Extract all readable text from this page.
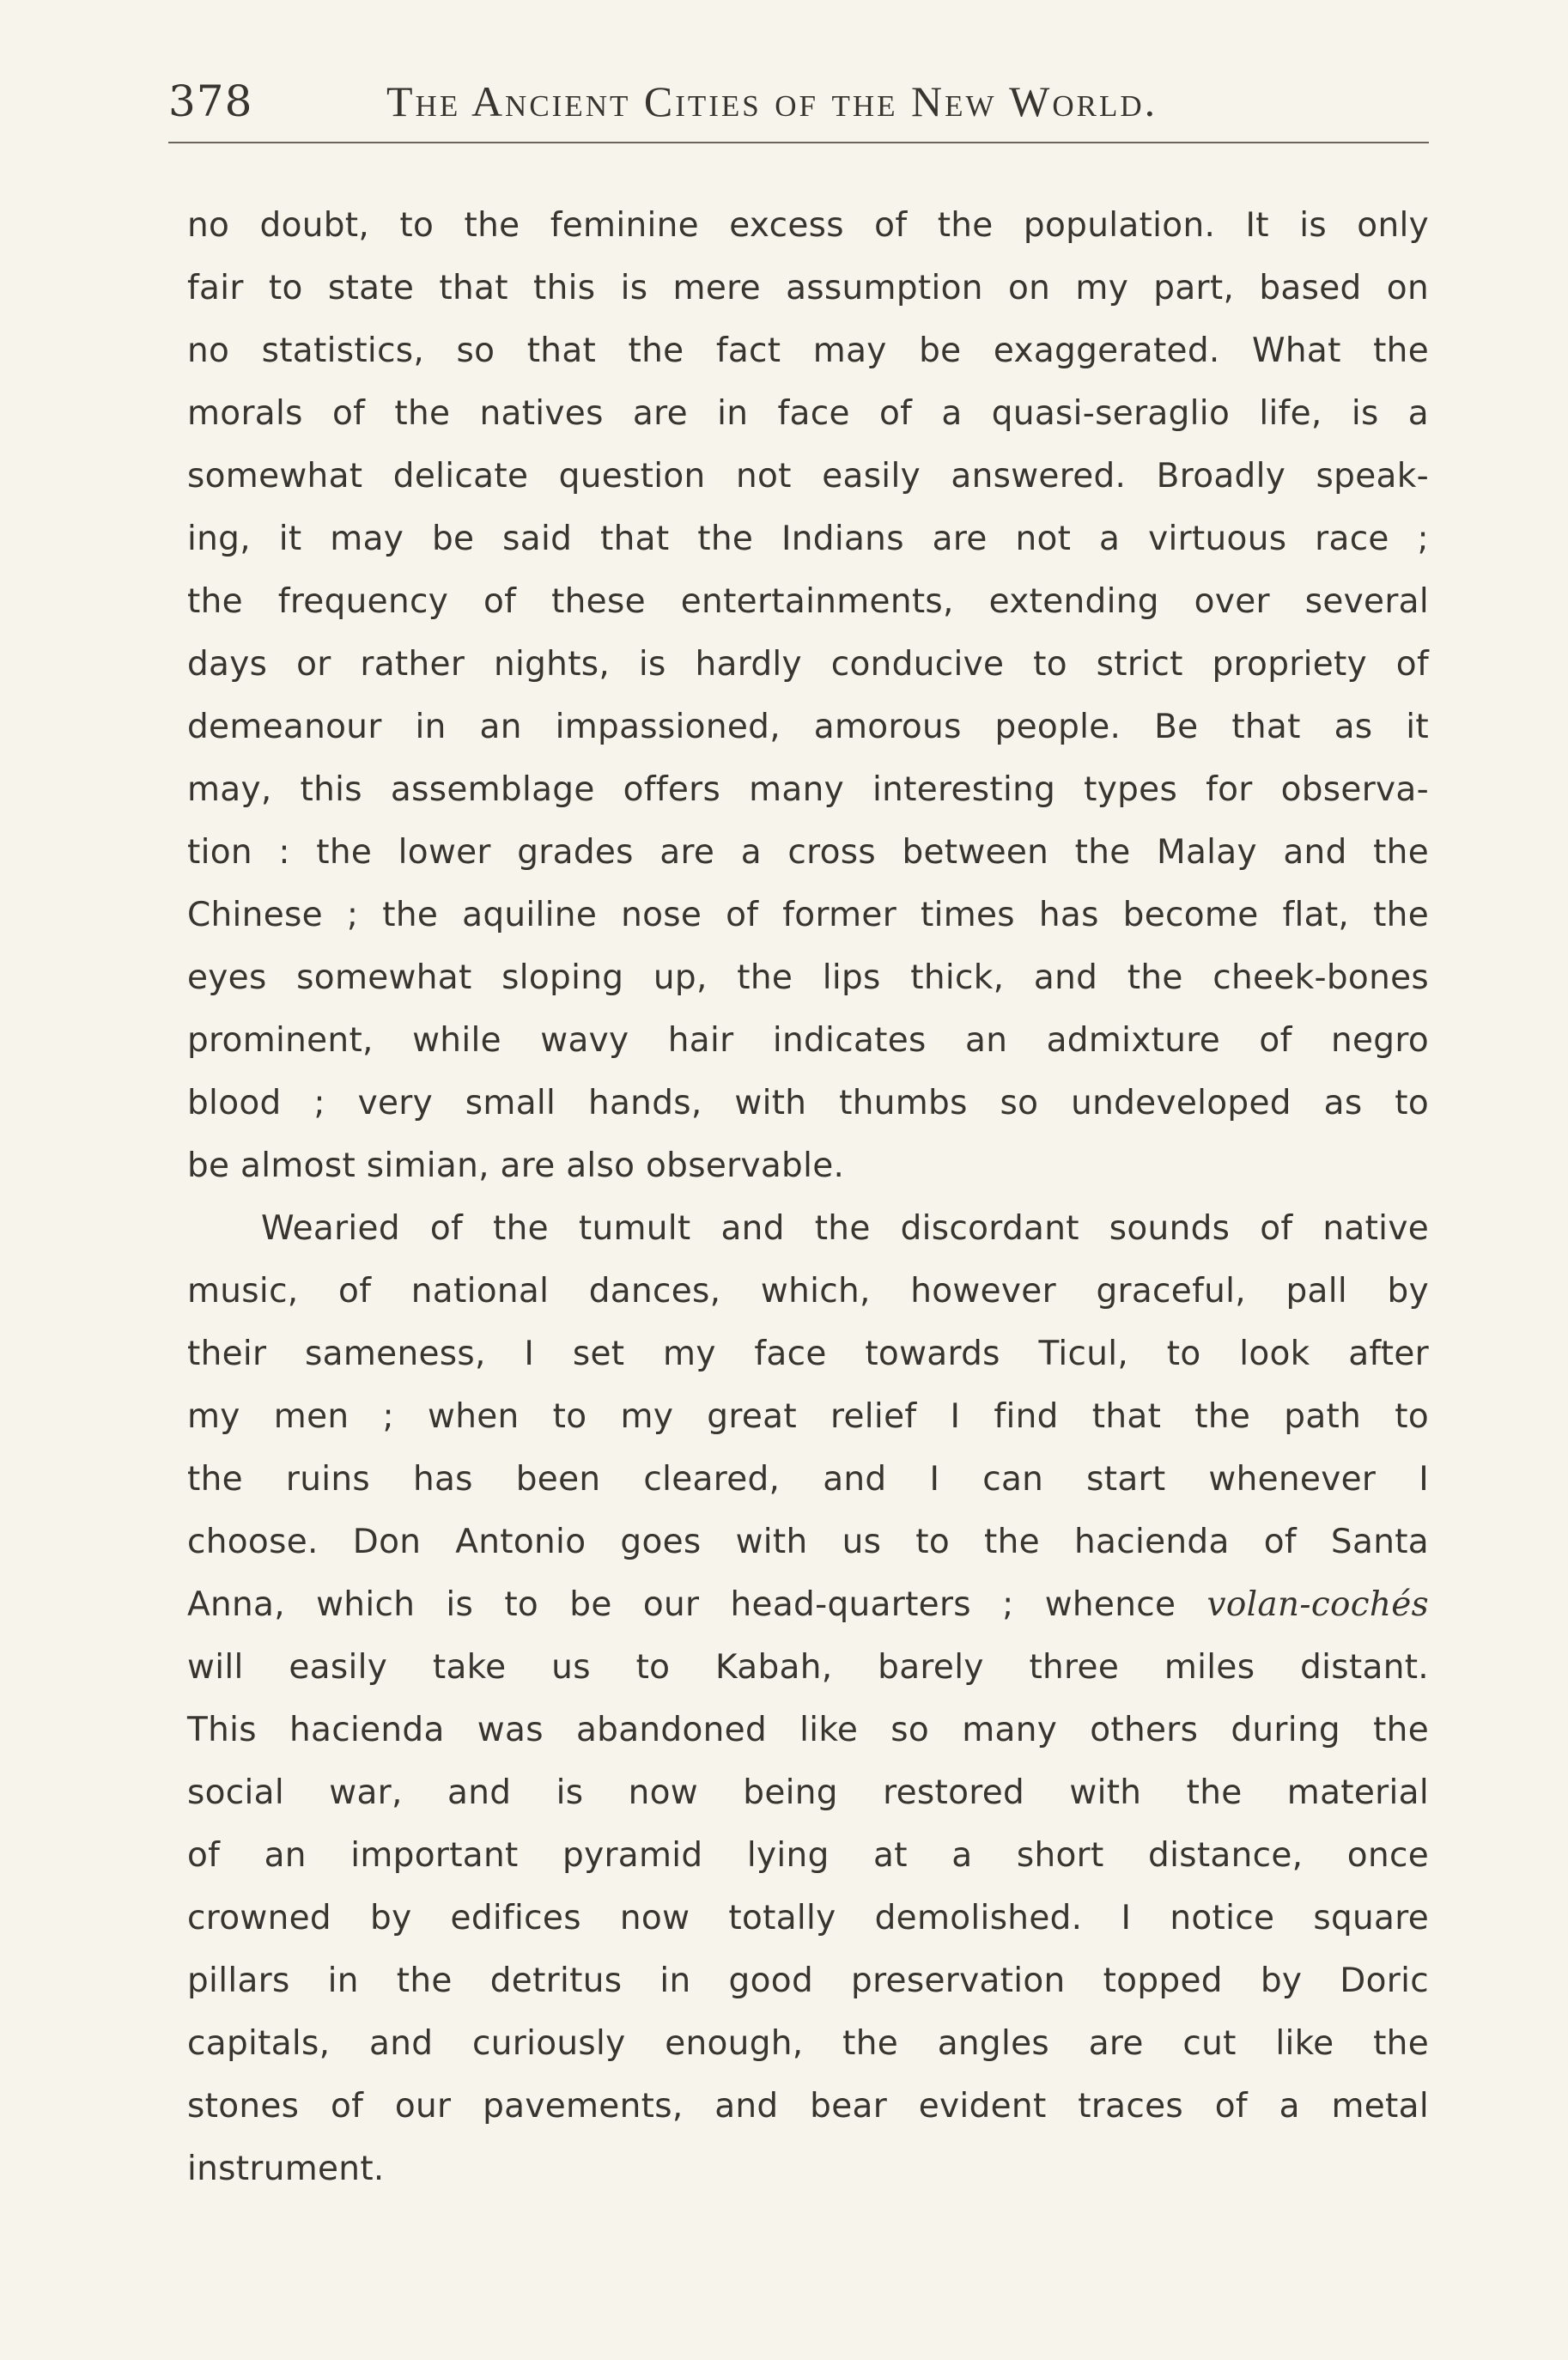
378	The Ancient Cities of the New World.
no doubt, to the feminine excess of the population. It is only
fair to state that this is mere assumption on my part, based on
no statistics, so that the fact may be exaggerated. What the
morals of the natives are in face of a quasi-seraglio life, is a
somewhat delicate question not easily answered. Broadly speak-
ing, it may be said that the Indians are not a virtuous race ;
the frequency of these entertainments, extending over several
days or rather nights, is hardly conducive to strict propriety of
demeanour in an impassioned, amorous people. Be that as it
may, this assemblage offers many interesting types for observa-
tion : the lower grades are a cross between the Malay and the
Chinese ; the aquiline nose of former times has become flat, the
eyes somewhat sloping up, the lips thick, and the cheek-bones
prominent, while wavy hair indicates an admixture of negro
blood ; very small hands, with thumbs so undeveloped as to
be almost simian, are also observable.
Wearied of the tumult and the discordant sounds of native
music, of national dances, which, however graceful, pall by
their sameness, I set my face towards Ticul, to look after
my men ; when to my great relief I find that the path to
the ruins has been cleared, and I can start whenever I
choose. Don Antonio goes with us to the hacienda of Santa
Anna, which is to be our head-quarters ; whence volan-cochés
will easily take us to Kabah, barely three miles distant.
This hacienda was abandoned like so many others during the
social war, and is now being restored with the material
of an important pyramid lying at a short distance, once
crowned by edifices now totally demolished. I notice square
pillars in the detritus in good preservation topped by Doric
capitals, and curiously enough, the angles are cut like the
stones of our pavements, and bear evident traces of a metal
instrument.
